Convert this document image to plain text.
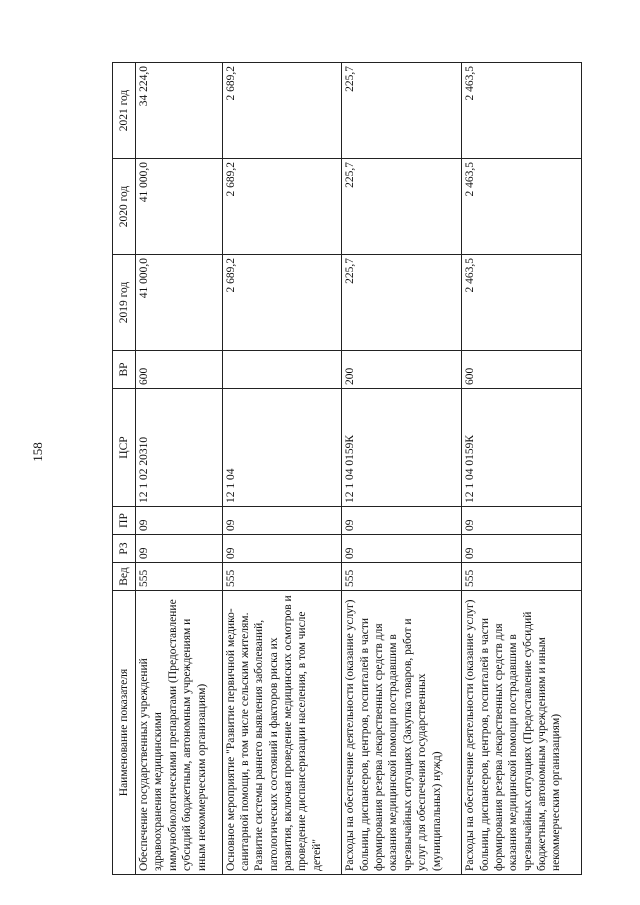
158
Наименование показателя	Вед	РЗ	ПР	ЦСР	ВР	2019 год	2020 год	2021 год
Обеспечение государственных учреждений здравоохранения медицинскими иммунобиологическими препаратами (Предоставление субсидий бюджетным, автономным учреждениям и иным некоммерческим организациям)	555	09	09	12 1 02 20310	600	41 000,0	41 000,0	34 224,0
Основное мероприятие "Развитие первичной медико-санитарной помощи, в том числе сельским жителям. Развитие системы раннего выявления заболеваний, патологических состояний и факторов риска их развития, включая проведение медицинских осмотров и проведение диспансеризации населения, в том числе детей"	555	09	09	12 1 04		2 689,2	2 689,2	2 689,2
Расходы на обеспечение деятельности (оказание услуг) больниц, диспансеров, центров, госпиталей в части формирования резерва лекарственных средств для оказания медицинской помощи пострадавшим в чрезвычайных ситуациях (Закупка товаров, работ и услуг для обеспечения государственных (муниципальных) нужд)	555	09	09	12 1 04 0159К	200	225,7	225,7	225,7
Расходы на обеспечение деятельности (оказание услуг) больниц, диспансеров, центров, госпиталей в части формирования резерва лекарственных средств для оказания медицинской помощи пострадавшим в чрезвычайных ситуациях (Предоставление субсидий бюджетным, автономным учреждениям и иным некоммерческим организациям)	555	09	09	12 1 04 0159К	600	2 463,5	2 463,5	2 463,5
